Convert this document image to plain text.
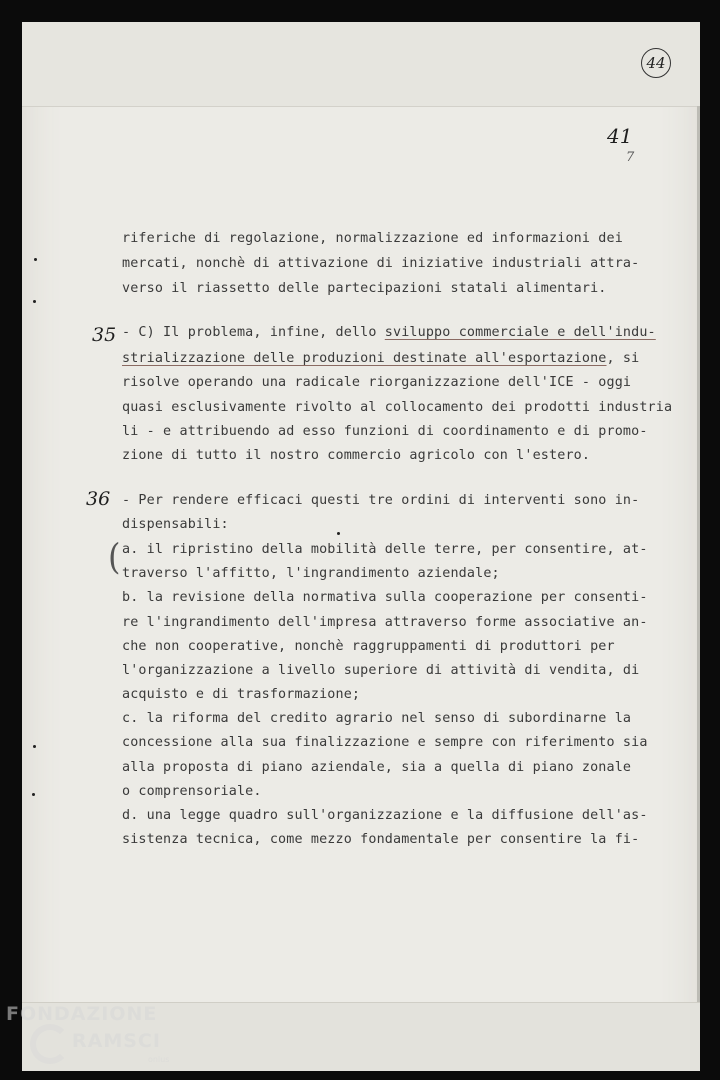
44
41
7
35
36
riferiche di regolazione, normalizzazione ed informazioni dei
mercati, nonchè di attivazione di iniziative industriali attra-
verso il riassetto delle partecipazioni statali alimentari.
- C) Il problema, infine, dello sviluppo commerciale e dell'indu-
strializzazione delle produzioni destinate all'esportazione, si
risolve operando una radicale riorganizzazione dell'ICE - oggi
quasi esclusivamente rivolto al collocamento dei prodotti industria
li - e attribuendo ad esso funzioni di coordinamento e di promo-
zione di tutto il nostro commercio agricolo con l'estero.
- Per rendere efficaci questi tre ordini di interventi sono in-
dispensabili:
( a. il ripristino della mobilità delle terre, per consentire, at-
traverso l'affitto, l'ingrandimento aziendale;
b. la revisione della normativa sulla cooperazione per consenti-
re l'ingrandimento dell'impresa attraverso forme associative an-
che non cooperative, nonchè raggruppamenti di produttori per
l'organizzazione a livello superiore di attività di vendita, di
acquisto e di trasformazione;
c. la riforma del credito agrario nel senso di subordinarne la
concessione alla sua finalizzazione e sempre con riferimento sia
alla proposta di piano aziendale, sia a quella di piano zonale
o comprensoriale.
d. una legge quadro sull'organizzazione e la diffusione dell'as-
sistenza tecnica, come mezzo fondamentale per consentire la fi-
FONDAZIONE
RAMSCI
onlus
